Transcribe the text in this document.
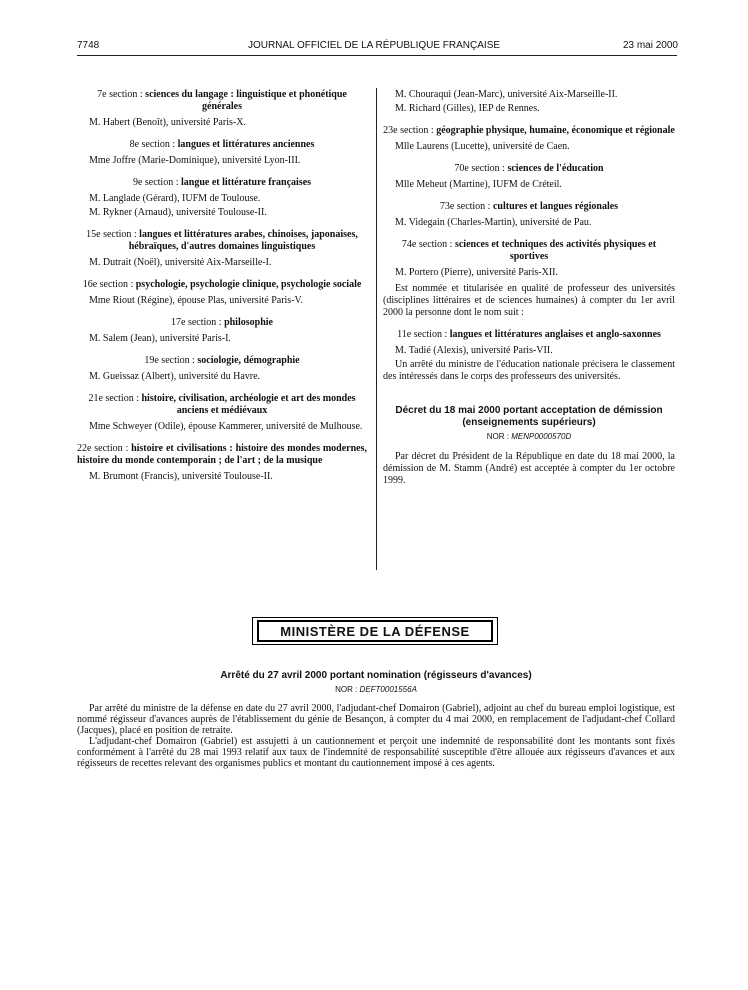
7748	JOURNAL OFFICIEL DE LA RÉPUBLIQUE FRANÇAISE	23 mai 2000
7e section : sciences du langage : linguistique et phonétique générales
M. Habert (Benoît), université Paris-X.
8e section : langues et littératures anciennes
Mme Joffre (Marie-Dominique), université Lyon-III.
9e section : langue et littérature françaises
M. Langlade (Gérard), IUFM de Toulouse.
M. Rykner (Arnaud), université Toulouse-II.
15e section : langues et littératures arabes, chinoises, japonaises, hébraïques, d'autres domaines linguistiques
M. Dutrait (Noël), université Aix-Marseille-I.
16e section : psychologie, psychologie clinique, psychologie sociale
Mme Riout (Régine), épouse Plas, université Paris-V.
17e section : philosophie
M. Salem (Jean), université Paris-I.
19e section : sociologie, démographie
M. Gueissaz (Albert), université du Havre.
21e section : histoire, civilisation, archéologie et art des mondes anciens et médiévaux
Mme Schweyer (Odile), épouse Kammerer, université de Mulhouse.
22e section : histoire et civilisations : histoire des mondes modernes, histoire du monde contemporain ; de l'art ; de la musique
M. Brumont (Francis), université Toulouse-II.
M. Chouraqui (Jean-Marc), université Aix-Marseille-II.
M. Richard (Gilles), IEP de Rennes.
23e section : géographie physique, humaine, économique et régionale
Mlle Laurens (Lucette), université de Caen.
70e section : sciences de l'éducation
Mlle Meheut (Martine), IUFM de Créteil.
73e section : cultures et langues régionales
M. Videgain (Charles-Martin), université de Pau.
74e section : sciences et techniques des activités physiques et sportives
M. Portero (Pierre), université Paris-XII.
Est nommée et titularisée en qualité de professeur des universités (disciplines littéraires et de sciences humaines) à compter du 1er avril 2000 la personne dont le nom suit :
11e section : langues et littératures anglaises et anglo-saxonnes
M. Tadié (Alexis), université Paris-VII.
Un arrêté du ministre de l'éducation nationale précisera le classement des intéressés dans le corps des professeurs des universités.
Décret du 18 mai 2000 portant acceptation de démission (enseignements supérieurs)
NOR : MENP0000570D
Par décret du Président de la République en date du 18 mai 2000, la démission de M. Stamm (André) est acceptée à compter du 1er octobre 1999.
MINISTÈRE DE LA DÉFENSE
Arrêté du 27 avril 2000 portant nomination (régisseurs d'avances)
NOR : DEFT0001556A
Par arrêté du ministre de la défense en date du 27 avril 2000, l'adjudant-chef Domairon (Gabriel), adjoint au chef du bureau emploi logistique, est nommé régisseur d'avances auprès de l'établissement du génie de Besançon, à compter du 4 mai 2000, en remplacement de l'adjudant-chef Collard (Jacques), placé en position de retraite.
L'adjudant-chef Domairon (Gabriel) est assujetti à un cautionnement et perçoit une indemnité de responsabilité dont les montants sont fixés conformément à l'arrêté du 28 mai 1993 relatif aux taux de l'indemnité de responsabilité susceptible d'être allouée aux régisseurs d'avances et aux régisseurs de recettes relevant des organismes publics et montant du cautionnement imposé à ces agents.
